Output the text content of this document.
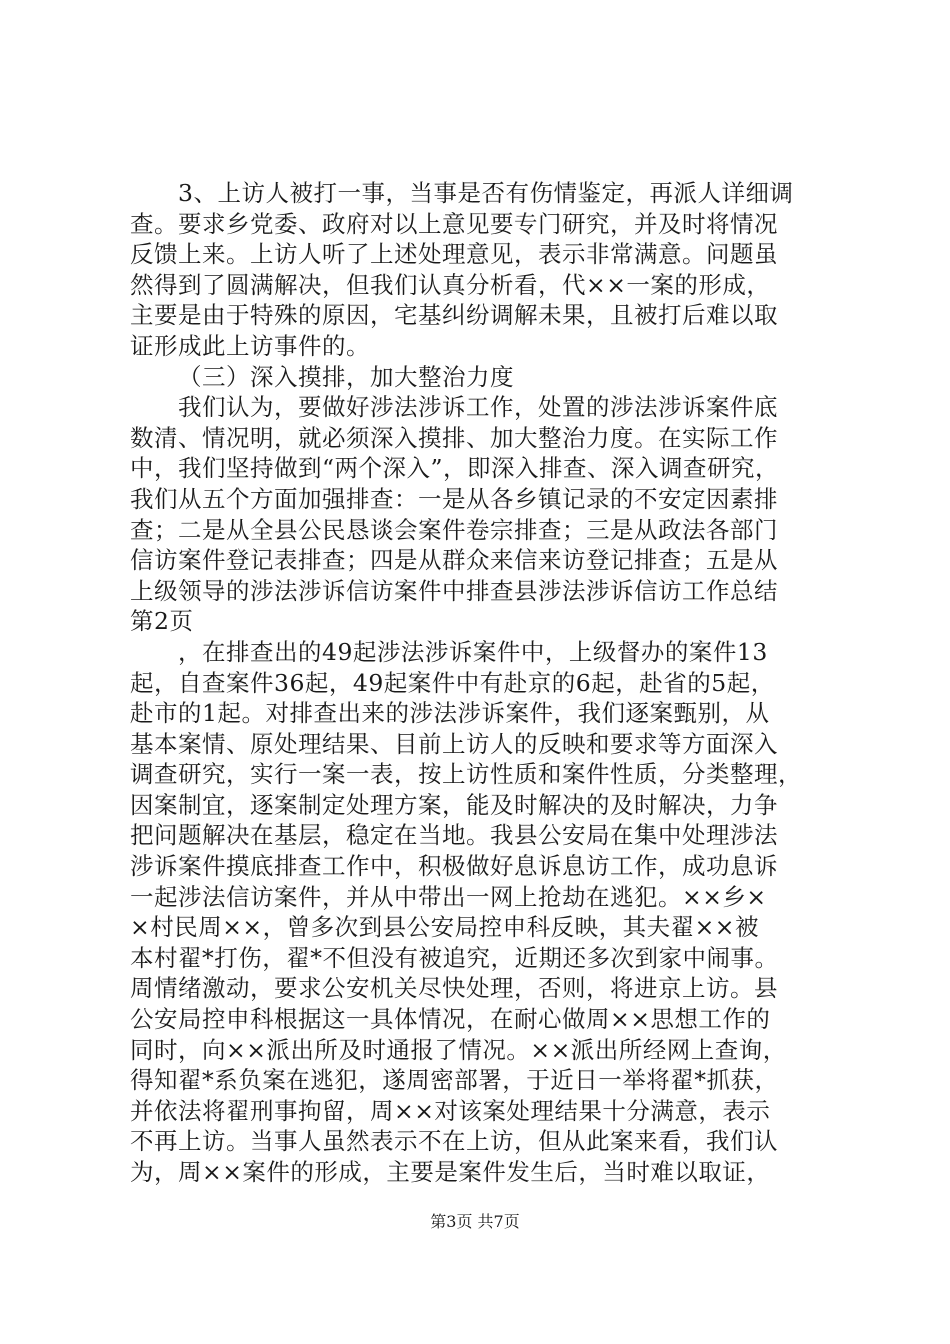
3、上访人被打一事，当事是否有伤情鉴定，再派人详细调
查。要求乡党委、政府对以上意见要专门研究，并及时将情况
反馈上来。上访人听了上述处理意见，表示非常满意。问题虽
然得到了圆满解决，但我们认真分析看，代××一案的形成，
主要是由于特殊的原因，宅基纠纷调解未果，且被打后难以取
证形成此上访事件的。
（三）深入摸排，加大整治力度
我们认为，要做好涉法涉诉工作，处置的涉法涉诉案件底
数清、情况明，就必须深入摸排、加大整治力度。在实际工作
中，我们坚持做到“两个深入”，即深入排查、深入调查研究，
我们从五个方面加强排查：一是从各乡镇记录的不安定因素排
查；二是从全县公民恳谈会案件卷宗排查；三是从政法各部门
信访案件登记表排查；四是从群众来信来访登记排查；五是从
上级领导的涉法涉诉信访案件中排查县涉法涉诉信访工作总结
第2页
，在排查出的49起涉法涉诉案件中，上级督办的案件13
起，自查案件36起，49起案件中有赴京的6起，赴省的5起，
赴市的1起。对排查出来的涉法涉诉案件，我们逐案甄别，从
基本案情、原处理结果、目前上访人的反映和要求等方面深入
调查研究，实行一案一表，按上访性质和案件性质，分类整理，
因案制宜，逐案制定处理方案，能及时解决的及时解决，力争
把问题解决在基层，稳定在当地。我县公安局在集中处理涉法
涉诉案件摸底排查工作中，积极做好息诉息访工作，成功息诉
一起涉法信访案件，并从中带出一网上抢劫在逃犯。××乡×
×村民周××，曾多次到县公安局控申科反映，其夫翟××被
本村翟*打伤，翟*不但没有被追究，近期还多次到家中闹事。
周情绪激动，要求公安机关尽快处理，否则，将进京上访。县
公安局控申科根据这一具体情况，在耐心做周××思想工作的
同时，向××派出所及时通报了情况。××派出所经网上查询，
得知翟*系负案在逃犯，遂周密部署，于近日一举将翟*抓获，
并依法将翟刑事拘留，周××对该案处理结果十分满意，表示
不再上访。当事人虽然表示不在上访，但从此案来看，我们认
为，周××案件的形成，主要是案件发生后，当时难以取证，
第3页 共7页
